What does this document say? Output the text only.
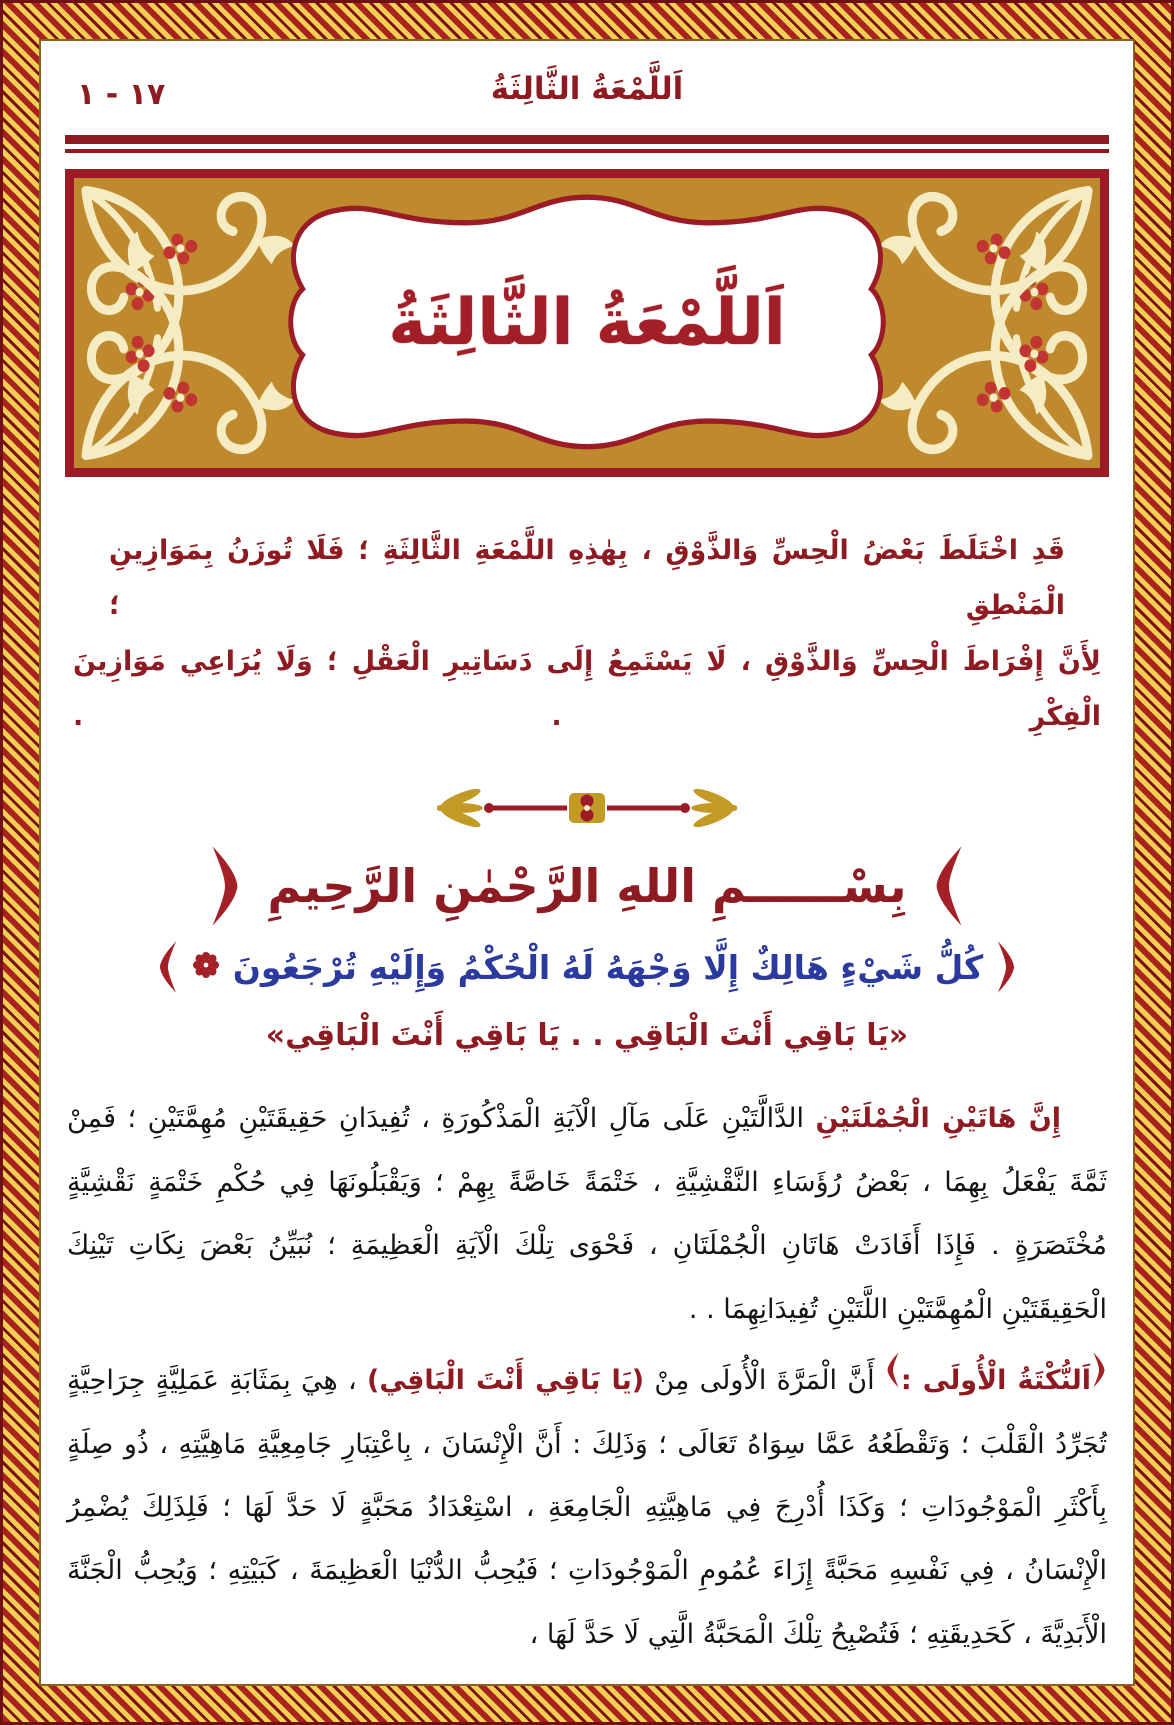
١٧ - ١	اَللَّمْعَةُ الثَّالِثَةُ
اَللَّمْعَةُ الثَّالِثَةُ
قَدِ اخْتَلَطَ بَعْضُ الْحِسِّ وَالذَّوْقِ ، بِهٰذِهِ اللَّمْعَةِ الثَّالِثَةِ ؛ فَلَا تُوزَنُ بِمَوَازِينِ الْمَنْطِقِ ؛
لِأَنَّ إِفْرَاطَ الْحِسِّ وَالذَّوْقِ ، لَا يَسْتَمِعُ إِلَى دَسَاتِيرِ الْعَقْلِ ؛ وَلَا يُرَاعِي مَوَازِينَ الْفِكْرِ . .
بِسْــــــمِ اللهِ الرَّحْمٰنِ الرَّحِيمِ
كُلُّ شَيْءٍ هَالِكٌ إِلَّا وَجْهَهُ لَهُ الْحُكْمُ وَإِلَيْهِ تُرْجَعُونَ
«يَا بَاقِي أَنْتَ الْبَاقِي . . يَا بَاقِي أَنْتَ الْبَاقِي»

إِنَّ هَاتَيْنِ الْجُمْلَتَيْنِ الدَّالَّتَيْنِ عَلَى مَآلِ الْآيَةِ الْمَذْكُورَةِ ، تُفِيدَانِ حَقِيقَتَيْنِ مُهِمَّتَيْنِ ؛ فَمِنْ ثَمَّةَ يَفْعَلُ بِهِمَا ، بَعْضُ رُؤَسَاءِ النَّقْشِيَّةِ ، خَتْمَةً خَاصَّةً بِهِمْ ؛ وَيَقْبَلُونَهَا فِي حُكْمِ خَتْمَةٍ نَقْشِيَّةٍ مُخْتَصَرَةٍ . فَإِذَا أَفَادَتْ هَاتَانِ الْجُمْلَتَانِ ، فَحْوَى تِلْكَ الْآيَةِ الْعَظِيمَةِ ؛ نُبَيِّنُ بَعْضَ نِكَاتِ تَيْنِكَ الْحَقِيقَتَيْنِ الْمُهِمَّتَيْنِ اللَّتَيْنِ تُفِيدَانِهِمَا . .

اَلنُّكْتَةُ الْأُولَى :
أَنَّ الْمَرَّةَ الْأُولَى مِنْ (يَا بَاقِي أَنْتَ الْبَاقِي) ، هِيَ بِمَثَابَةِ عَمَلِيَّةٍ جِرَاحِيَّةٍ تُجَرِّدُ الْقَلْبَ ؛ وَتَقْطَعُهُ عَمَّا سِوَاهُ تَعَالَى ؛ وَذَلِكَ : أَنَّ الْإِنْسَانَ ، بِاعْتِبَارِ جَامِعِيَّةِ مَاهِيَّتِهِ ، ذُو صِلَةٍ بِأَكْثَرِ الْمَوْجُودَاتِ ؛ وَكَذَا أُدْرِجَ فِي مَاهِيَّتِهِ الْجَامِعَةِ ، اسْتِعْدَادُ مَحَبَّةٍ لَا حَدَّ لَهَا ؛ فَلِذَلِكَ يُضْمِرُ الْإِنْسَانُ ، فِي نَفْسِهِ مَحَبَّةً إِزَاءَ عُمُومِ الْمَوْجُودَاتِ ؛ فَيُحِبُّ الدُّنْيَا الْعَظِيمَةَ ، كَبَيْتِهِ ؛ وَيُحِبُّ الْجَنَّةَ الْأَبَدِيَّةَ ، كَحَدِيقَتِهِ ؛ فَتُصْبِحُ تِلْكَ الْمَحَبَّةُ الَّتِي لَا حَدَّ لَهَا ،
